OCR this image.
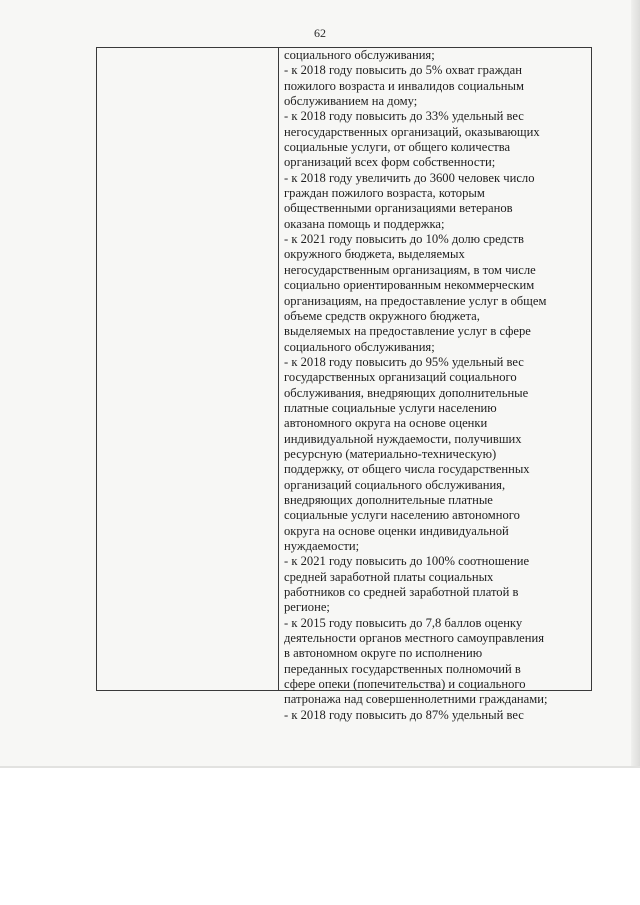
62
социального обслуживания;
- к 2018 году повысить до 5% охват граждан
пожилого возраста и инвалидов социальным
обслуживанием на дому;
- к 2018 году повысить до 33% удельный вес
негосударственных организаций, оказывающих
социальные услуги, от общего количества
организаций всех форм собственности;
- к 2018 году увеличить до 3600 человек число
граждан пожилого возраста, которым
общественными организациями ветеранов
оказана помощь и поддержка;
- к 2021 году повысить до 10% долю средств
окружного бюджета, выделяемых
негосударственным организациям, в том числе
социально ориентированным некоммерческим
организациям, на предоставление услуг в общем
объеме средств окружного бюджета,
выделяемых на предоставление услуг в сфере
социального обслуживания;
- к 2018 году повысить до 95% удельный вес
государственных организаций социального
обслуживания, внедряющих дополнительные
платные социальные услуги населению
автономного округа на основе оценки
индивидуальной нуждаемости, получивших
ресурсную (материально-техническую)
поддержку, от общего числа государственных
организаций социального обслуживания,
внедряющих дополнительные платные
социальные услуги населению автономного
округа на основе оценки индивидуальной
нуждаемости;
- к 2021 году повысить до 100% соотношение
средней заработной платы социальных
работников со средней заработной платой в
регионе;
- к 2015 году повысить до 7,8 баллов оценку
деятельности органов местного самоуправления
в автономном округе по исполнению
переданных государственных полномочий в
сфере опеки (попечительства) и социального
патронажа над совершеннолетними гражданами;
- к 2018 году повысить до 87% удельный вес
